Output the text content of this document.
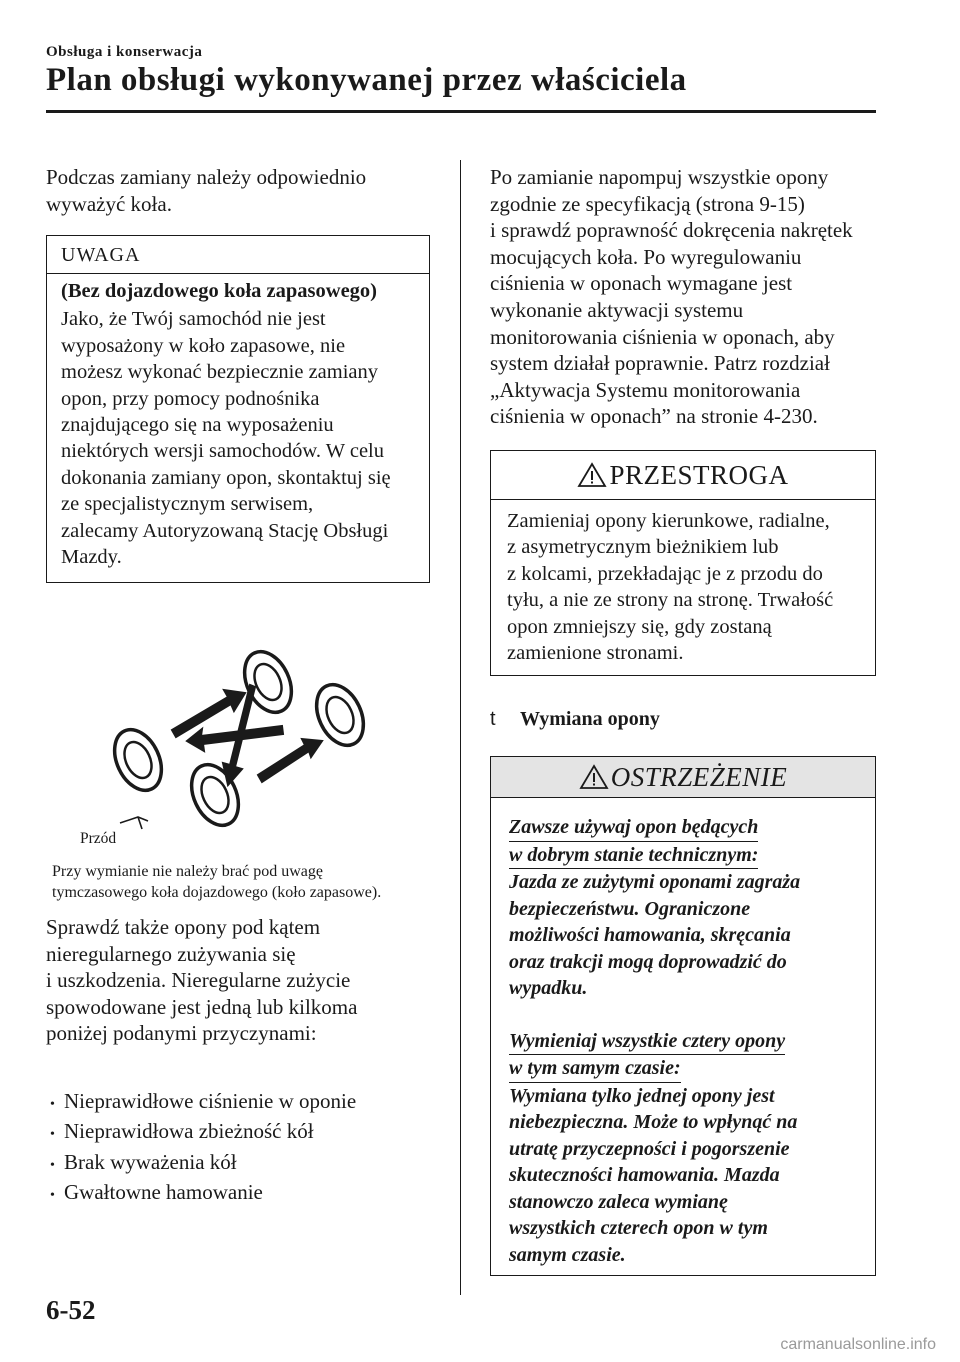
Obsługa i konserwacja
Plan obsługi wykonywanej przez właściciela

Podczas zamiany należy odpowiednio

wyważyć koła.

UWAGA
(Bez dojazdowego koła zapasowego)
Jako, że Twój samochód nie jest
wyposażony w koło zapasowe, nie
możesz wykonać bezpiecznie zamiany
opon, przy pomocy podnośnika
znajdującego się na wyposażeniu
niektórych wersji samochodów. W celu
dokonania zamiany opon, skontaktuj się
ze specjalistycznym serwisem,
zalecamy Autoryzowaną Stację Obsługi
Mazdy.
Przód
Przy wymianie nie należy brać pod uwagę
tymczasowego koła dojazdowego (koło zapasowe).

Sprawdź także opony pod kątem

nieregularnego zużywania się

i uszkodzenia. Nieregularne zużycie

spowodowane jest jedną lub kilkoma

poniżej podanymi przyczynami:

• Nieprawidłowe ciśnienie w oponie
• Nieprawidłowa zbieżność kół
• Brak wyważenia kół
• Gwałtowne hamowanie

Po zamianie napompuj wszystkie opony

zgodnie ze specyfikacją (strona 9-15)

i sprawdź poprawność dokręcenia nakrętek

mocujących koła. Po wyregulowaniu

ciśnienia w oponach wymagane jest

wykonanie aktywacji systemu

monitorowania ciśnienia w oponach, aby

system działał poprawnie. Patrz rozdział

„Aktywacja Systemu monitorowania

ciśnienia w oponach” na stronie 4-230.

PRZESTROGA
Zamieniaj opony kierunkowe, radialne,
z asymetrycznym bieżnikiem lub
z kolcami, przekładając je z przodu do
tyłu, a nie ze strony na stronę. Trwałość
opon zmniejszy się, gdy zostaną
zamienione stronami.
t	Wymiana opony
OSTRZEŻENIE
Zawsze używaj opon będących
w dobrym stanie technicznym:
Jazda ze zużytymi oponami zagraża
bezpieczeństwu. Ograniczone
możliwości hamowania, skręcania
oraz trakcji mogą doprowadzić do
wypadku.
Wymieniaj wszystkie cztery opony
w tym samym czasie:
Wymiana tylko jednej opony jest
niebezpieczna. Może to wpłynąć na
utratę przyczepności i pogorszenie
skuteczności hamowania. Mazda
stanowczo zaleca wymianę
wszystkich czterech opon w tym
samym czasie.
6-52
carmanualsonline.info
